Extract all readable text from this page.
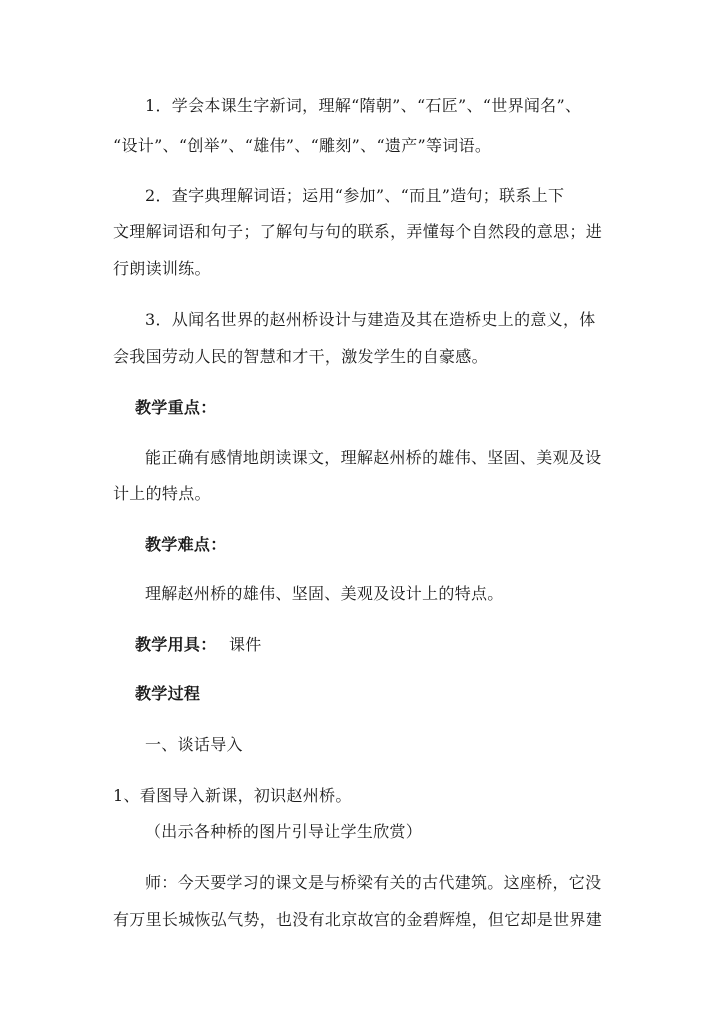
1．学会本课生字新词，理解“隋朝”、“石匠”、“世界闻名”、
“设计”、“创举”、“雄伟”、“雕刻”、“遗产”等词语。
2．查字典理解词语；运用“参加”、“而且”造句；联系上下
文理解词语和句子；了解句与句的联系，弄懂每个自然段的意思；进
行朗读训练。
3．从闻名世界的赵州桥设计与建造及其在造桥史上的意义，体
会我国劳动人民的智慧和才干，激发学生的自豪感。
教学重点：
能正确有感情地朗读课文，理解赵州桥的雄伟、坚固、美观及设
计上的特点。
教学难点：
理解赵州桥的雄伟、坚固、美观及设计上的特点。
教学用具： 课件
教学过程
一、谈话导入
1、看图导入新课，初识赵州桥。
（出示各种桥的图片引导让学生欣赏）
师：今天要学习的课文是与桥梁有关的古代建筑。这座桥，它没
有万里长城恢弘气势，也没有北京故宫的金碧辉煌，但它却是世界建
